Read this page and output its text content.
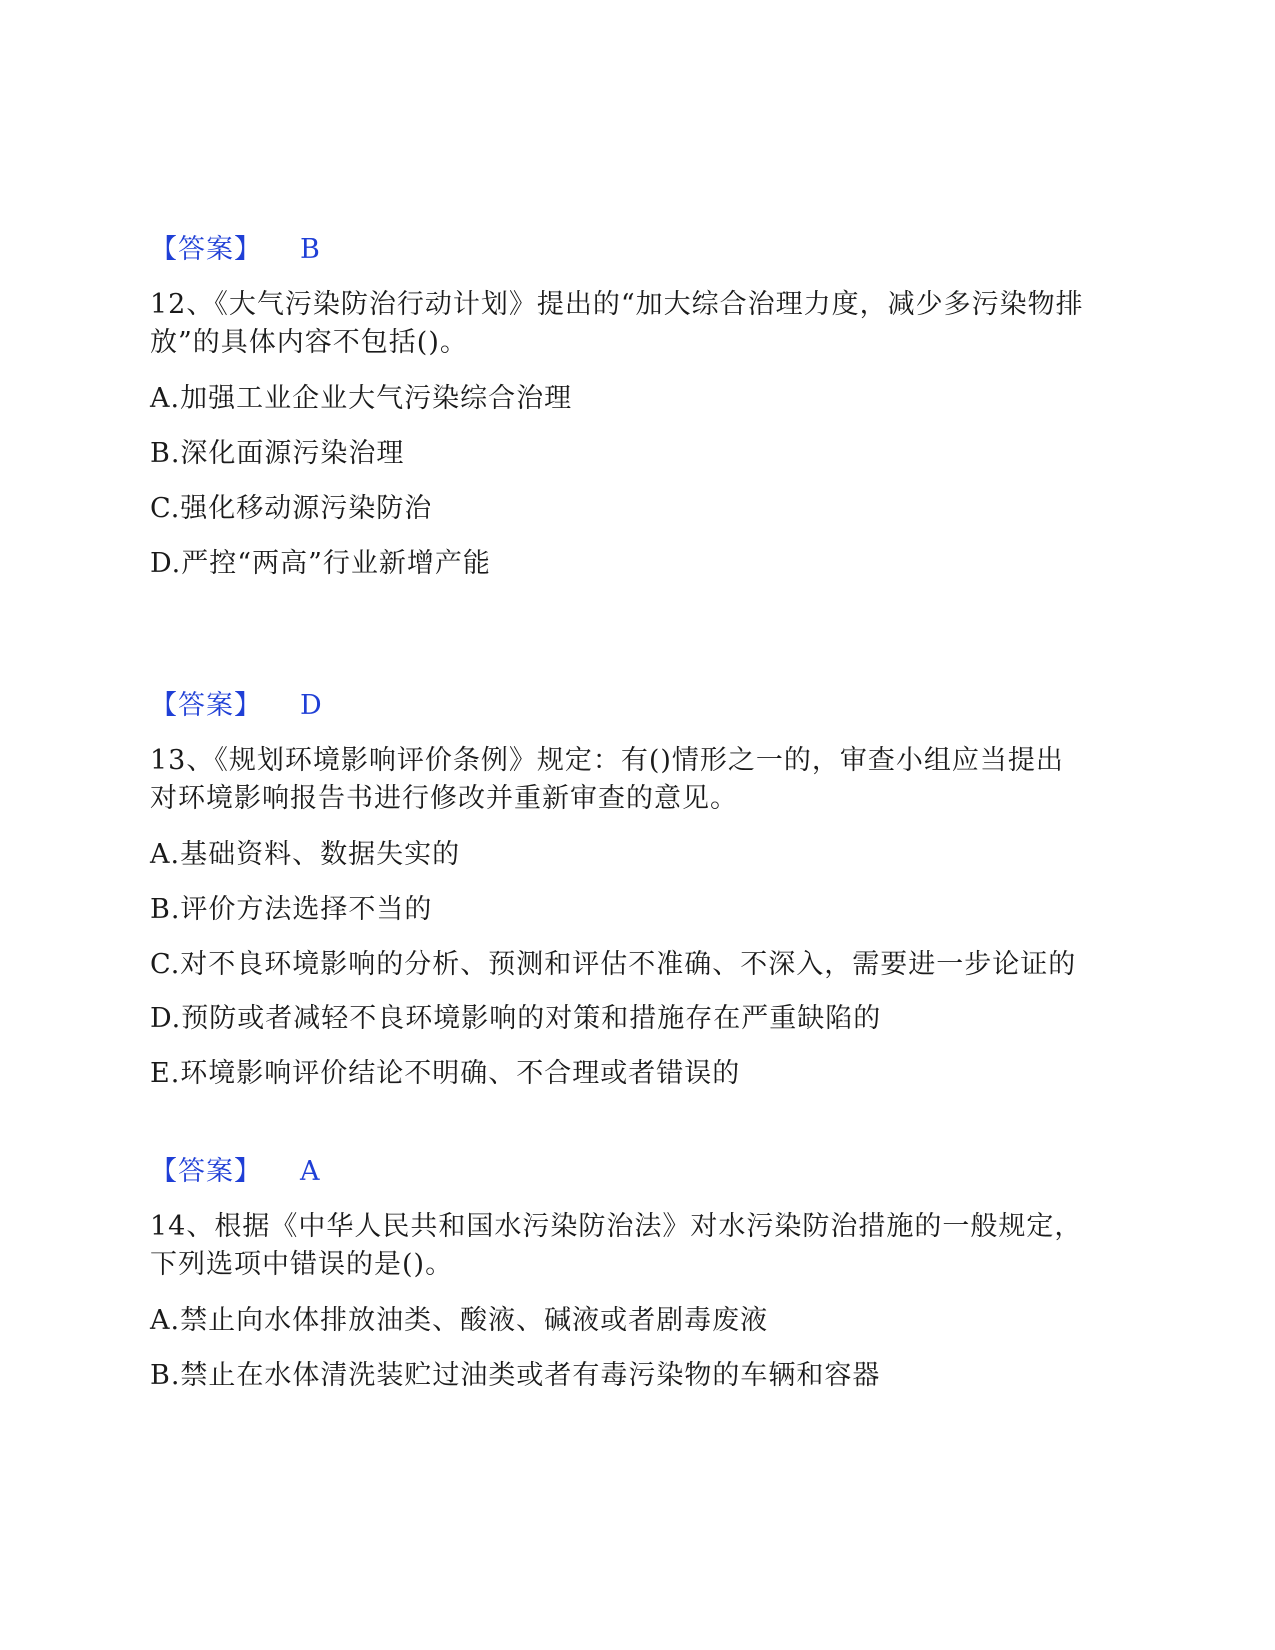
【答案】 B
12、《大气污染防治行动计划》提出的“加大综合治理力度，减少多污染物排
放”的具体内容不包括()。
A.加强工业企业大气污染综合治理
B.深化面源污染治理
C.强化移动源污染防治
D.严控“两高”行业新增产能
【答案】 D
13、《规划环境影响评价条例》规定：有()情形之一的，审查小组应当提出
对环境影响报告书进行修改并重新审查的意见。
A.基础资料、数据失实的
B.评价方法选择不当的
C.对不良环境影响的分析、预测和评估不准确、不深入，需要进一步论证的
D.预防或者减轻不良环境影响的对策和措施存在严重缺陷的
E.环境影响评价结论不明确、不合理或者错误的
【答案】 A
14、根据《中华人民共和国水污染防治法》对水污染防治措施的一般规定，
下列选项中错误的是()。
A.禁止向水体排放油类、酸液、碱液或者剧毒废液
B.禁止在水体清洗装贮过油类或者有毒污染物的车辆和容器
